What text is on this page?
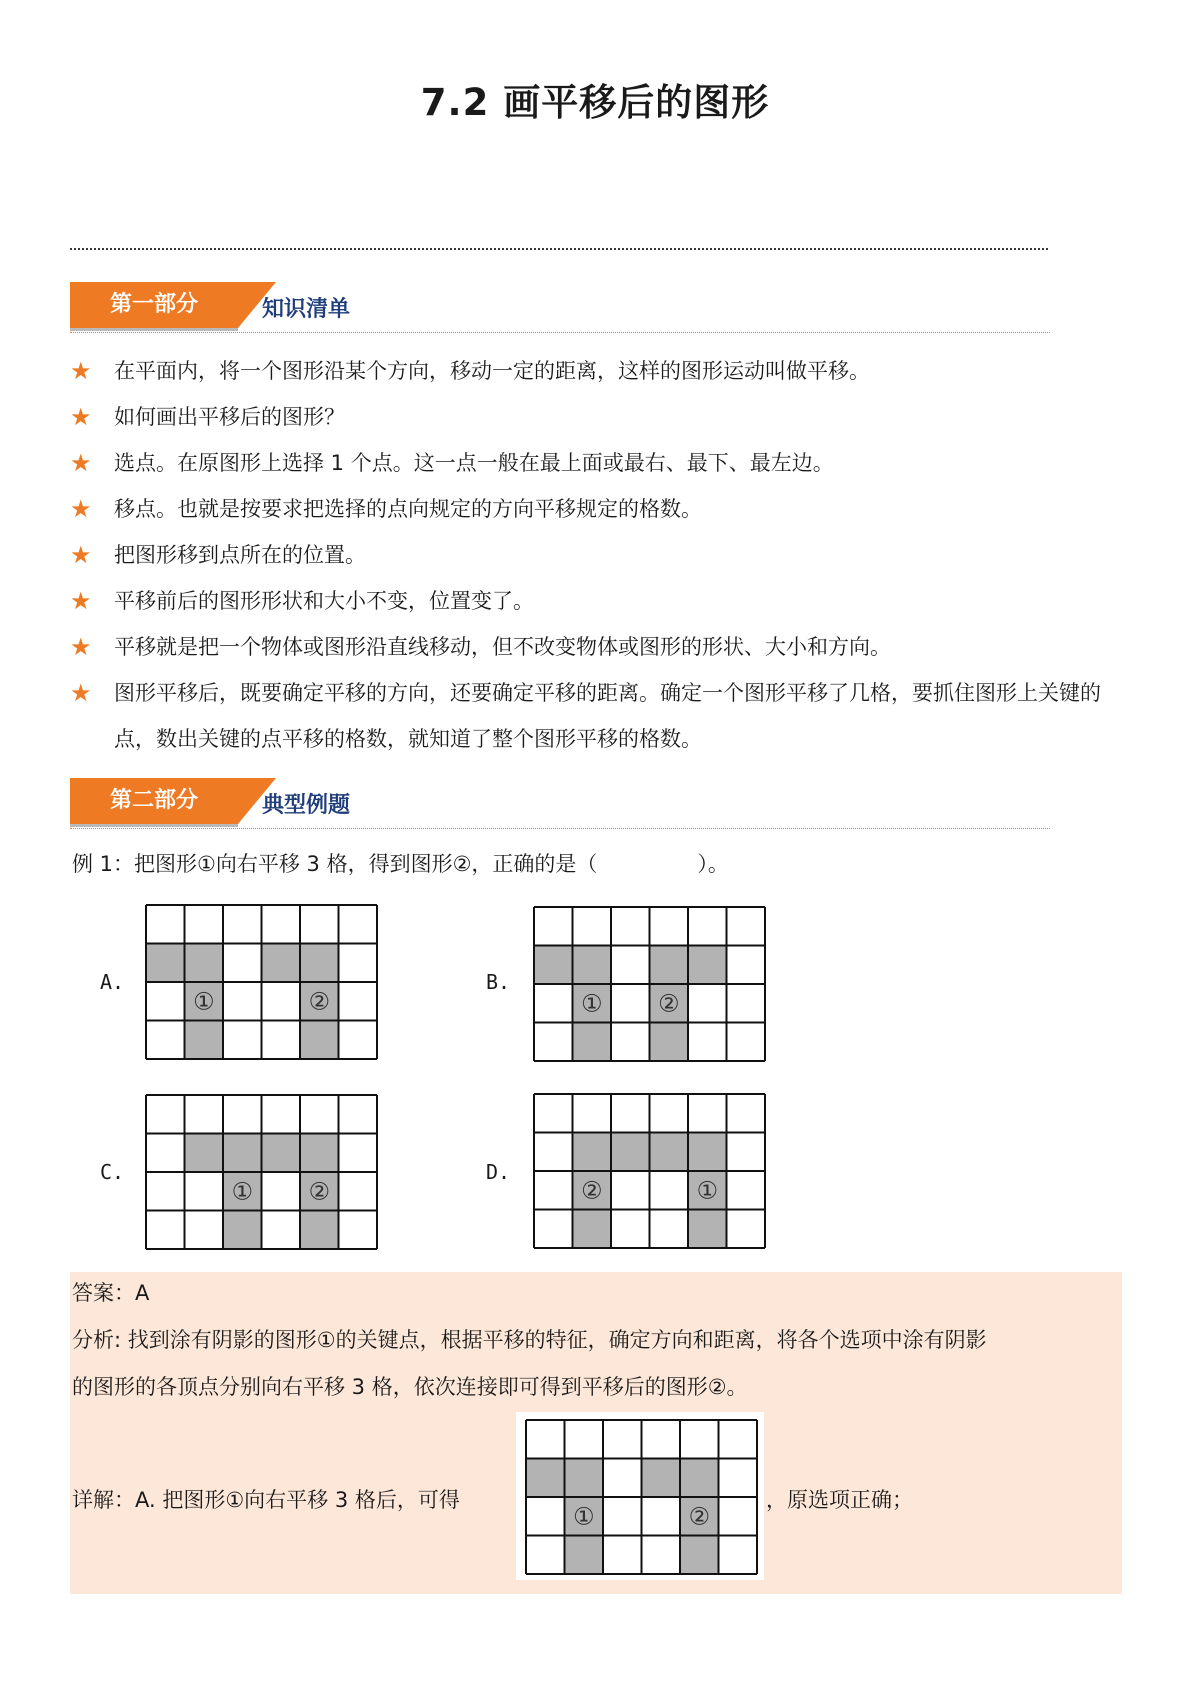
7.2 画平移后的图形
第一部分	知识清单
★ 在平面内，将一个图形沿某个方向，移动一定的距离，这样的图形运动叫做平移。
★ 如何画出平移后的图形？
★ 选点。在原图形上选择 1 个点。这一点一般在最上面或最右、最下、最左边。
★ 移点。也就是按要求把选择的点向规定的方向平移规定的格数。
★ 把图形移到点所在的位置。
★ 平移前后的图形形状和大小不变，位置变了。
★ 平移就是把一个物体或图形沿直线移动，但不改变物体或图形的形状、大小和方向。
★ 图形平移后，既要确定平移的方向，还要确定平移的距离。确定一个图形平移了几格，要抓住图形上关键的点，数出关键的点平移的格数，就知道了整个图形平移的格数。
第二部分	典型例题
例 1：把图形①向右平移 3 格，得到图形②，正确的是（	）。
A.
①	②
B.
① ②
C.
① ②
D.
②	①
答案：A
分析: 找到涂有阴影的图形①的关键点，根据平移的特征，确定方向和距离，将各个选项中涂有阴影
的图形的各顶点分别向右平移 3 格，依次连接即可得到平移后的图形②。
详解：A. 把图形①向右平移 3 格后，可得
①	②
，原选项正确；
